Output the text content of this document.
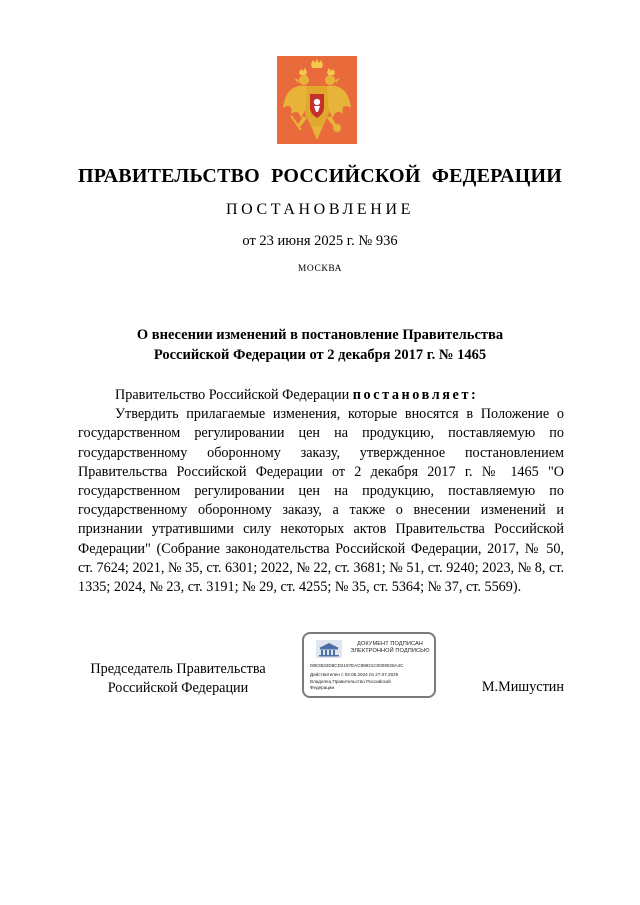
ПРАВИТЕЛЬСТВО РОССИЙСКОЙ ФЕДЕРАЦИИ
ПОСТАНОВЛЕНИЕ
от 23 июня 2025 г. № 936
МОСКВА
О внесении изменений в постановление Правительства
Российской Федерации от 2 декабря 2017 г. № 1465

Правительство Российской Федерации постановляет:

Утвердить прилагаемые изменения, которые вносятся в Положение о государственном регулировании цен на продукцию, поставляемую по государственному оборонному заказу, утвержденное постановлением Правительства Российской Федерации от 2 декабря 2017 г. № 1465 "О государственном регулировании цен на продукцию, поставляемую по государственному оборонному заказу, а также о внесении изменений и признании утратившими силу некоторых актов Правительства Российской Федерации" (Собрание законодательства Российской Федерации, 2017, № 50, ст. 7624; 2021, № 35, ст. 6301; 2022, № 22, ст. 3681; № 51, ст. 9240; 2023, № 8, ст. 1335; 2024, № 23, ст. 3191; № 29, ст. 4255; № 35, ст. 5364; № 37, ст. 5569).

Председатель Правительства
Российской Федерации
ДОКУМЕНТ ПОДПИСАН
ЭЛЕКТРОННОЙ ПОДПИСЬЮ
00E3632D8CD2197EAC99921C0009028A4C
Действителен с 03.05.2024 по 27.07.2025
Владелец Правительство Российской
Федерации	М.Мишустин
